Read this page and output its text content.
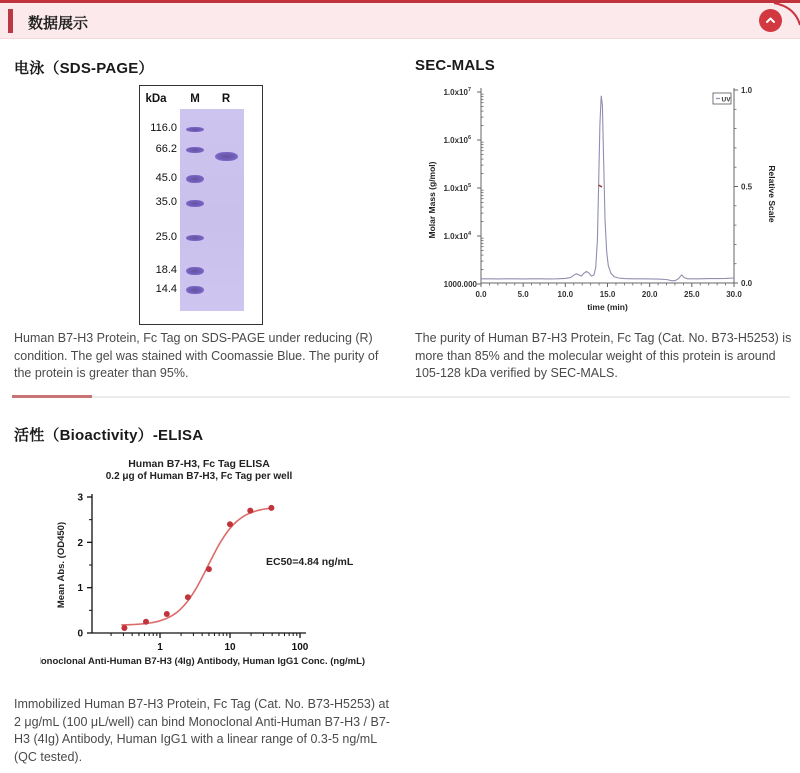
数据展示
电泳（SDS-PAGE）
kDa M R
116.0
66.2
45.0
35.0
25.0
18.4
14.4
Human B7-H3 Protein, Fc Tag on SDS-PAGE under reducing (R) condition. The gel was stained with Coomassie Blue. The purity of the protein is greater than 95%.
SEC-MALS
$1.0x10^7$
$1.0x10^6$
$1.0x10^5$
$1.0x10^4$
1000.000
0.0	5.0	10.0	15.0	20.0	25.0	30.0
time (min)
1.0
0.5
0.0
Molar Mass (g/mol)	Relative Scale
UV
The purity of Human B7-H3 Protein, Fc Tag (Cat. No. B73-H5253) is more than 85% and the molecular weight of this protein is around 105-128 kDa verified by SEC-MALS.
活性（Bioactivity）-ELISA
0
1
2
3
1	10	100
Human B7-H3, Fc Tag ELISA
0.2 μg of Human B7-H3, Fc Tag per well
Mean Abs. (OD450)
Monoclonal Anti-Human B7-H3 (4Ig) Antibody, Human IgG1 Conc. (ng/mL)
EC50=4.84 ng/mL
Immobilized Human B7-H3 Protein, Fc Tag (Cat. No. B73-H5253) at 2 μg/mL (100 μL/well) can bind Monoclonal Anti-Human B7-H3 / B7-H3 (4Ig) Antibody, Human IgG1 with a linear range of 0.3-5 ng/mL (QC tested).
